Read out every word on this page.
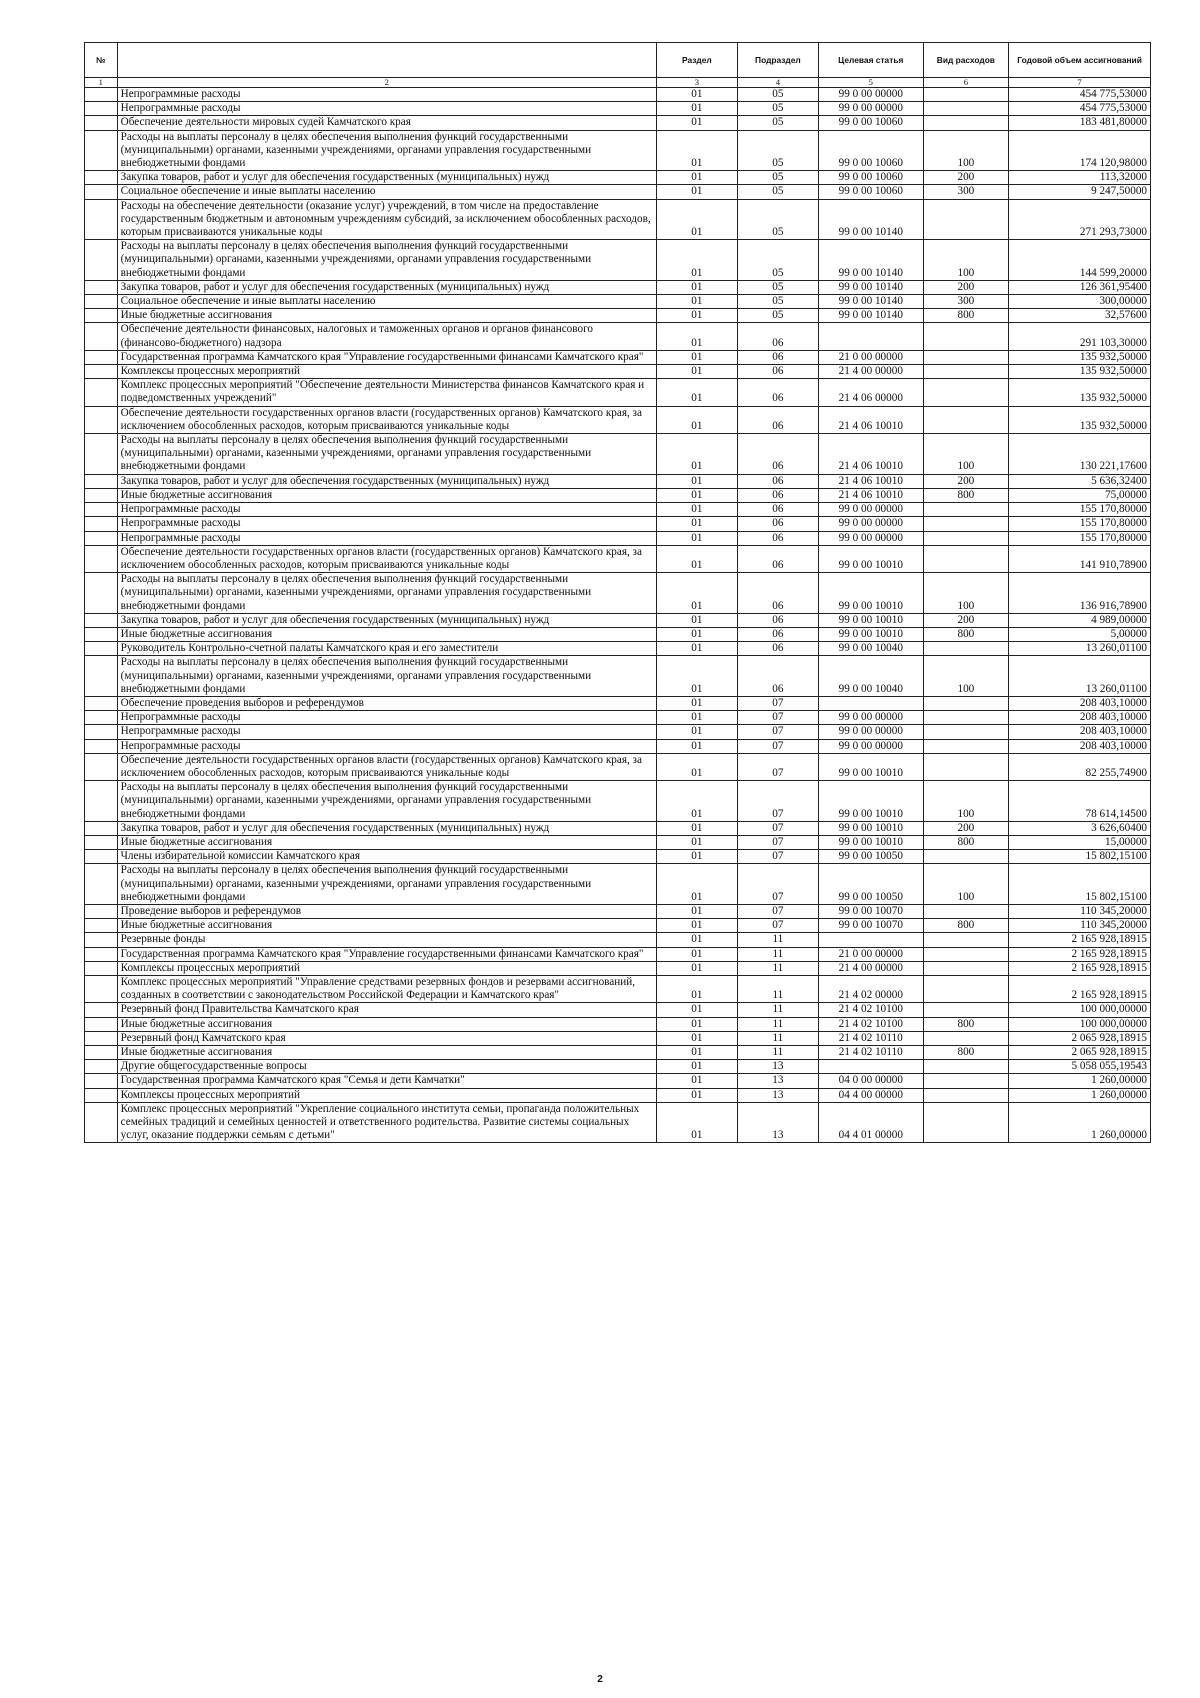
№		Раздел	Подраздел	Целевая статья	Вид расходов	Годовой объем ассигнований
1	2	3	4	5	6	7
	Непрограммные расходы	01	05	99 0 00 00000		454 775,53000
	Непрограммные расходы	01	05	99 0 00 00000		454 775,53000
	Обеспечение деятельности мировых судей Камчатского края	01	05	99 0 00 10060		183 481,80000
	Расходы на выплаты персоналу в целях обеспечения выполнения функций государственными (муниципальными) органами, казенными учреждениями, органами управления государственными внебюджетными фондами	01	05	99 0 00 10060	100	174 120,98000
	Закупка товаров, работ и услуг для обеспечения государственных (муниципальных) нужд	01	05	99 0 00 10060	200	113,32000
	Социальное обеспечение и иные выплаты населению	01	05	99 0 00 10060	300	9 247,50000
	Расходы на обеспечение деятельности (оказание услуг) учреждений, в том числе на предоставление государственным бюджетным и автономным учреждениям субсидий, за исключением обособленных расходов, которым присваиваются уникальные коды	01	05	99 0 00 10140		271 293,73000
	Расходы на выплаты персоналу в целях обеспечения выполнения функций государственными (муниципальными) органами, казенными учреждениями, органами управления государственными внебюджетными фондами	01	05	99 0 00 10140	100	144 599,20000
	Закупка товаров, работ и услуг для обеспечения государственных (муниципальных) нужд	01	05	99 0 00 10140	200	126 361,95400
	Социальное обеспечение и иные выплаты населению	01	05	99 0 00 10140	300	300,00000
	Иные бюджетные ассигнования	01	05	99 0 00 10140	800	32,57600
	Обеспечение деятельности финансовых, налоговых и таможенных органов и органов финансового (финансово-бюджетного) надзора	01	06			291 103,30000
	Государственная программа Камчатского края "Управление государственными финансами Камчатского края"	01	06	21 0 00 00000		135 932,50000
	Комплексы процессных мероприятий	01	06	21 4 00 00000		135 932,50000
	Комплекс процессных мероприятий "Обеспечение деятельности Министерства финансов Камчатского края и подведомственных учреждений"	01	06	21 4 06 00000		135 932,50000
	Обеспечение деятельности государственных органов власти (государственных органов) Камчатского края, за исключением обособленных расходов, которым присваиваются уникальные коды	01	06	21 4 06 10010		135 932,50000
	Расходы на выплаты персоналу в целях обеспечения выполнения функций государственными (муниципальными) органами, казенными учреждениями, органами управления государственными внебюджетными фондами	01	06	21 4 06 10010	100	130 221,17600
	Закупка товаров, работ и услуг для обеспечения государственных (муниципальных) нужд	01	06	21 4 06 10010	200	5 636,32400
	Иные бюджетные ассигнования	01	06	21 4 06 10010	800	75,00000
	Непрограммные расходы	01	06	99 0 00 00000		155 170,80000
	Непрограммные расходы	01	06	99 0 00 00000		155 170,80000
	Непрограммные расходы	01	06	99 0 00 00000		155 170,80000
	Обеспечение деятельности государственных органов власти (государственных органов) Камчатского края, за исключением обособленных расходов, которым присваиваются уникальные коды	01	06	99 0 00 10010		141 910,78900
	Расходы на выплаты персоналу в целях обеспечения выполнения функций государственными (муниципальными) органами, казенными учреждениями, органами управления государственными внебюджетными фондами	01	06	99 0 00 10010	100	136 916,78900
	Закупка товаров, работ и услуг для обеспечения государственных (муниципальных) нужд	01	06	99 0 00 10010	200	4 989,00000
	Иные бюджетные ассигнования	01	06	99 0 00 10010	800	5,00000
	Руководитель Контрольно-счетной палаты Камчатского края и его заместители	01	06	99 0 00 10040		13 260,01100
	Расходы на выплаты персоналу в целях обеспечения выполнения функций государственными (муниципальными) органами, казенными учреждениями, органами управления государственными внебюджетными фондами	01	06	99 0 00 10040	100	13 260,01100
	Обеспечение проведения выборов и референдумов	01	07			208 403,10000
	Непрограммные расходы	01	07	99 0 00 00000		208 403,10000
	Непрограммные расходы	01	07	99 0 00 00000		208 403,10000
	Непрограммные расходы	01	07	99 0 00 00000		208 403,10000
	Обеспечение деятельности государственных органов власти (государственных органов) Камчатского края, за исключением обособленных расходов, которым присваиваются уникальные коды	01	07	99 0 00 10010		82 255,74900
	Расходы на выплаты персоналу в целях обеспечения выполнения функций государственными (муниципальными) органами, казенными учреждениями, органами управления государственными внебюджетными фондами	01	07	99 0 00 10010	100	78 614,14500
	Закупка товаров, работ и услуг для обеспечения государственных (муниципальных) нужд	01	07	99 0 00 10010	200	3 626,60400
	Иные бюджетные ассигнования	01	07	99 0 00 10010	800	15,00000
	Члены избирательной комиссии Камчатского края	01	07	99 0 00 10050		15 802,15100
	Расходы на выплаты персоналу в целях обеспечения выполнения функций государственными (муниципальными) органами, казенными учреждениями, органами управления государственными внебюджетными фондами	01	07	99 0 00 10050	100	15 802,15100
	Проведение выборов и референдумов	01	07	99 0 00 10070		110 345,20000
	Иные бюджетные ассигнования	01	07	99 0 00 10070	800	110 345,20000
	Резервные фонды	01	11			2 165 928,18915
	Государственная программа Камчатского края "Управление государственными финансами Камчатского края"	01	11	21 0 00 00000		2 165 928,18915
	Комплексы процессных мероприятий	01	11	21 4 00 00000		2 165 928,18915
	Комплекс процессных мероприятий "Управление средствами резервных фондов и резервами ассигнований, созданных в соответствии с законодательством Российской Федерации и Камчатского края"	01	11	21 4 02 00000		2 165 928,18915
	Резервный фонд Правительства Камчатского края	01	11	21 4 02 10100		100 000,00000
	Иные бюджетные ассигнования	01	11	21 4 02 10100	800	100 000,00000
	Резервный фонд Камчатского края	01	11	21 4 02 10110		2 065 928,18915
	Иные бюджетные ассигнования	01	11	21 4 02 10110	800	2 065 928,18915
	Другие общегосударственные вопросы	01	13			5 058 055,19543
	Государственная программа Камчатского края "Семья и дети Камчатки"	01	13	04 0 00 00000		1 260,00000
	Комплексы процессных мероприятий	01	13	04 4 00 00000		1 260,00000
	Комплекс процессных мероприятий "Укрепление социального института семьи, пропаганда положительных семейных традиций и семейных ценностей и ответственного родительства. Развитие системы социальных услуг, оказание поддержки семьям с детьми"	01	13	04 4 01 00000		1 260,00000
2
